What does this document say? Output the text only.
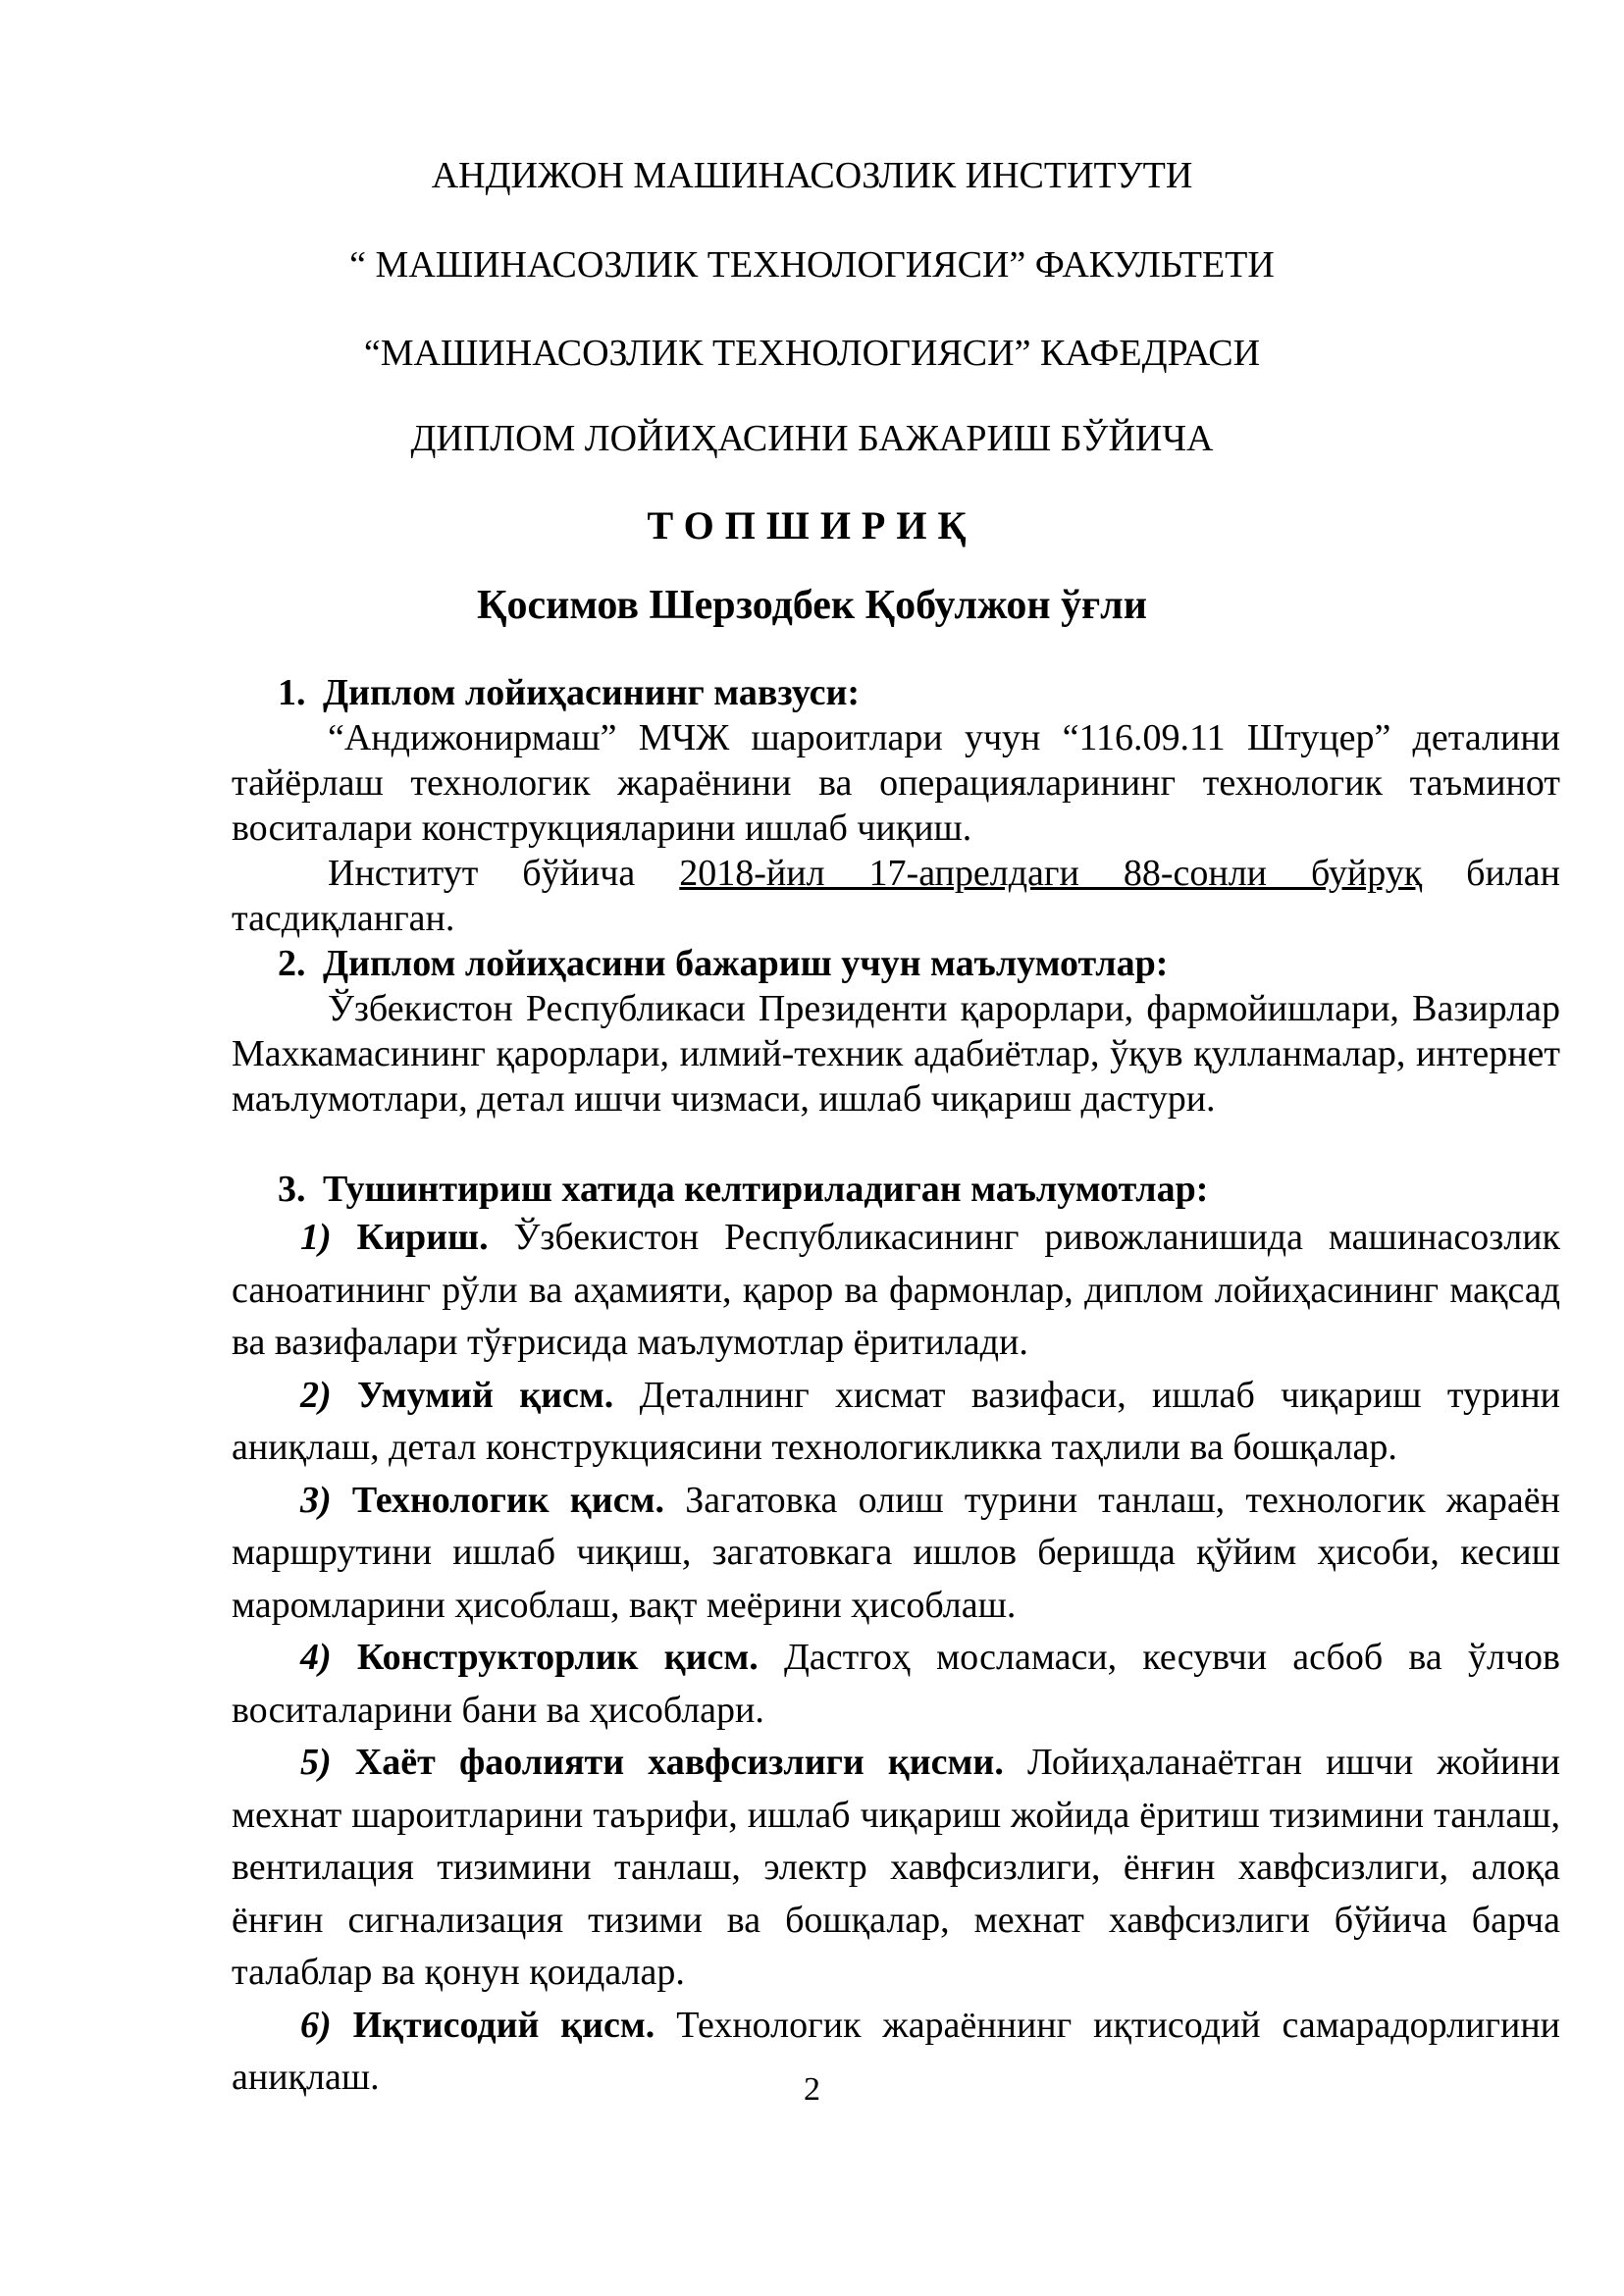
АНДИЖОН МАШИНАСОЗЛИК ИНСТИТУТИ
“ МАШИНАСОЗЛИК ТЕХНОЛОГИЯСИ” ФАКУЛЬТЕТИ
“МАШИНАСОЗЛИК ТЕХНОЛОГИЯСИ” КАФЕДРАСИ
ДИПЛОМ ЛОЙИҲАСИНИ БАЖАРИШ БЎЙИЧА
ТОПШИРИҚ
Қосимов Шерзодбек Қобулжон ўғли
1. Диплом лойиҳасининг мавзуси:

“Андижонирмаш” МЧЖ шароитлари учун “116.09.11 Штуцер” деталини тайёрлаш технологик жараёнини ва операцияларининг технологик таъминот воситалари конструкцияларини ишлаб чиқиш.

Институт бўйича 2018-йил 17-апрелдаги 88-сонли буйруқ билан тасдиқланган.

2. Диплом лойиҳасини бажариш учун маълумотлар:

Ўзбекистон Республикаси Президенти қарорлари, фармойишлари, Вазирлар Махкамасининг қарорлари, илмий-техник адабиётлар, ўқув қулланмалар, интернет маълумотлари, детал ишчи чизмаси, ишлаб чиқариш дастури.

3. Тушинтириш хатида келтириладиган маълумотлар:

1) Кириш. Ўзбекистон Республикасининг ривожланишида машинасозлик саноатининг рўли ва аҳамияти, қарор ва фармонлар, диплом лойиҳасининг мақсад ва вазифалари тўғрисида маълумотлар ёритилади.

2) Умумий қисм. Деталнинг хисмат вазифаси, ишлаб чиқариш турини аниқлаш, детал конструкциясини технологикликка таҳлили ва бошқалар.

3) Технологик қисм. Загатовка олиш турини танлаш, технологик жараён маршрутини ишлаб чиқиш, загатовкага ишлов беришда қўйим ҳисоби, кесиш маромларини ҳисоблаш, вақт меёрини ҳисоблаш.

4) Конструкторлик қисм. Дастгоҳ мосламаси, кесувчи асбоб ва ўлчов воситаларини бани ва ҳисоблари.

5) Хаёт фаолияти хавфсизлиги қисми. Лойиҳаланаётган ишчи жойини мехнат шароитларини таърифи, ишлаб чиқариш жойида ёритиш тизимини танлаш, вентилация тизимини танлаш, электр хавфсизлиги, ёнғин хавфсизлиги, алоқа ёнғин сигнализация тизими ва бошқалар, мехнат хавфсизлиги бўйича барча талаблар ва қонун қоидалар.

6) Иқтисодий қисм. Технологик жараённинг иқтисодий самарадорлигини аниқлаш.	2
